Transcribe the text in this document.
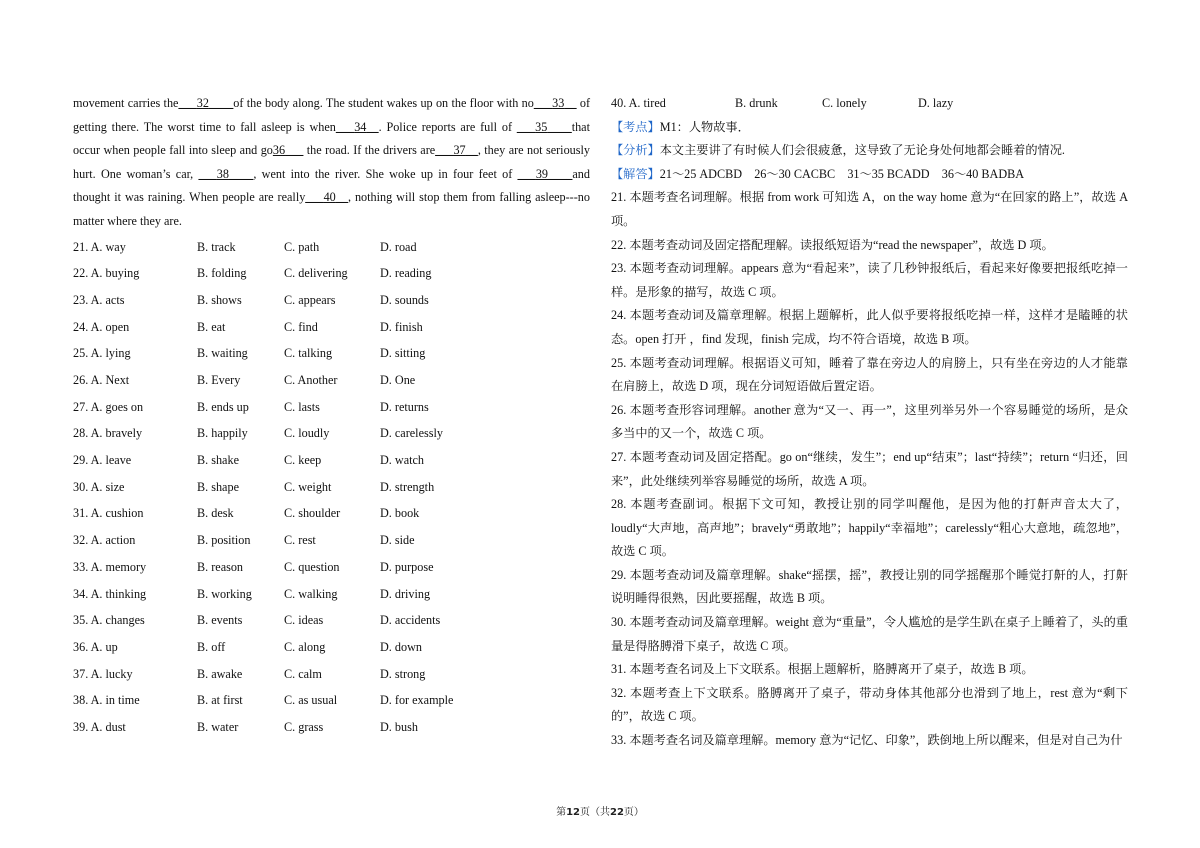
movement carries the___32____of the body along. The student wakes up on the floor with no___33__ of getting there. The worst time to fall asleep is when___34__. Police reports are full of ___35____that occur when people fall into sleep and go36___ the road. If the drivers are___37__, they are not seriously hurt. One woman’s car, ___38____, went into the river. She woke up in four feet of ___39____and thought it was raining. When people are really___40__, nothing will stop them from falling asleep---no matter where they are.

21. A. way	B. track	C. path	D. road
22. A. buying	B. folding	C. delivering	D. reading
23. A. acts	B. shows	C. appears	D. sounds
24. A. open	B. eat	C. find	D. finish
25. A. lying	B. waiting	C. talking	D. sitting
26. A. Next	B. Every	C. Another	D. One
27. A. goes on	B. ends up	C. lasts	D. returns
28. A. bravely	B. happily	C. loudly	D. carelessly
29. A. leave	B. shake	C. keep	D. watch
30. A. size	B. shape	C. weight	D. strength
31. A. cushion	B. desk	C. shoulder	D. book
32. A. action	B. position	C. rest	D. side
33. A. memory	B. reason	C. question	D. purpose
34. A. thinking	B. working	C. walking	D. driving
35. A. changes	B. events	C. ideas	D. accidents
36. A. up	B. off	C. along	D. down
37. A. lucky	B. awake	C. calm	D. strong
38. A. in time	B. at first	C. as usual	D. for example
39. A. dust	B. water	C. grass	D. bush
40. A. tired	B. drunk	C. lonely	D. lazy

【考点】M1：人物故事．

【分析】本文主要讲了有时候人们会很疲惫，这导致了无论身处何地都会睡着的情况.

【解答】21～25 ADCBD　26～30 CACBC　31～35 BCADD　36～40 BADBA

21. 本题考查名词理解。根据 from work 可知选 A，on the way home 意为“在回家的路上”，故选 A 项。

22. 本题考查动词及固定搭配理解。读报纸短语为“read the newspaper”，故选 D 项。

23. 本题考查动词理解。appears 意为“看起来”，读了几秒钟报纸后，看起来好像要把报纸吃掉一样。是形象的描写，故选 C 项。

24. 本题考查动词及篇章理解。根据上题解析，此人似乎要将报纸吃掉一样，这样才是瞌睡的状态。open 打开 ，find 发现，finish 完成，均不符合语境，故选 B 项。

25. 本题考查动词理解。根据语义可知，睡着了靠在旁边人的肩膀上，只有坐在旁边的人才能靠在肩膀上，故选 D 项，现在分词短语做后置定语。

26. 本题考查形容词理解。another 意为“又一、再一”，这里列举另外一个容易睡觉的场所，是众多当中的又一个，故选 C 项。

27. 本题考查动词及固定搭配。go on“继续，发生”；end up“结束”；last“持续”；return “归还，回来”，此处继续列举容易睡觉的场所，故选 A 项。

28. 本题考查副词。根据下文可知，教授让别的同学叫醒他，是因为他的打鼾声音太大了，loudly“大声地，高声地”；bravely“勇敢地”；happily“幸福地”；carelessly“粗心大意地，疏忽地”，故选 C 项。

29. 本题考查动词及篇章理解。shake“摇摆，摇”，教授让别的同学摇醒那个睡觉打鼾的人，打鼾说明睡得很熟，因此要摇醒，故选 B 项。

30. 本题考查动词及篇章理解。weight 意为“重量”，令人尴尬的是学生趴在桌子上睡着了，头的重量是得胳膊滑下桌子，故选 C 项。

31. 本题考查名词及上下文联系。根据上题解析，胳膊离开了桌子，故选 B 项。

32. 本题考查上下文联系。胳膊离开了桌子，带动身体其他部分也滑到了地上，rest 意为“剩下的”，故选 C 项。

33. 本题考查名词及篇章理解。memory 意为“记忆、印象”，跌倒地上所以醒来，但是对自己为什

第12页（共22页）
